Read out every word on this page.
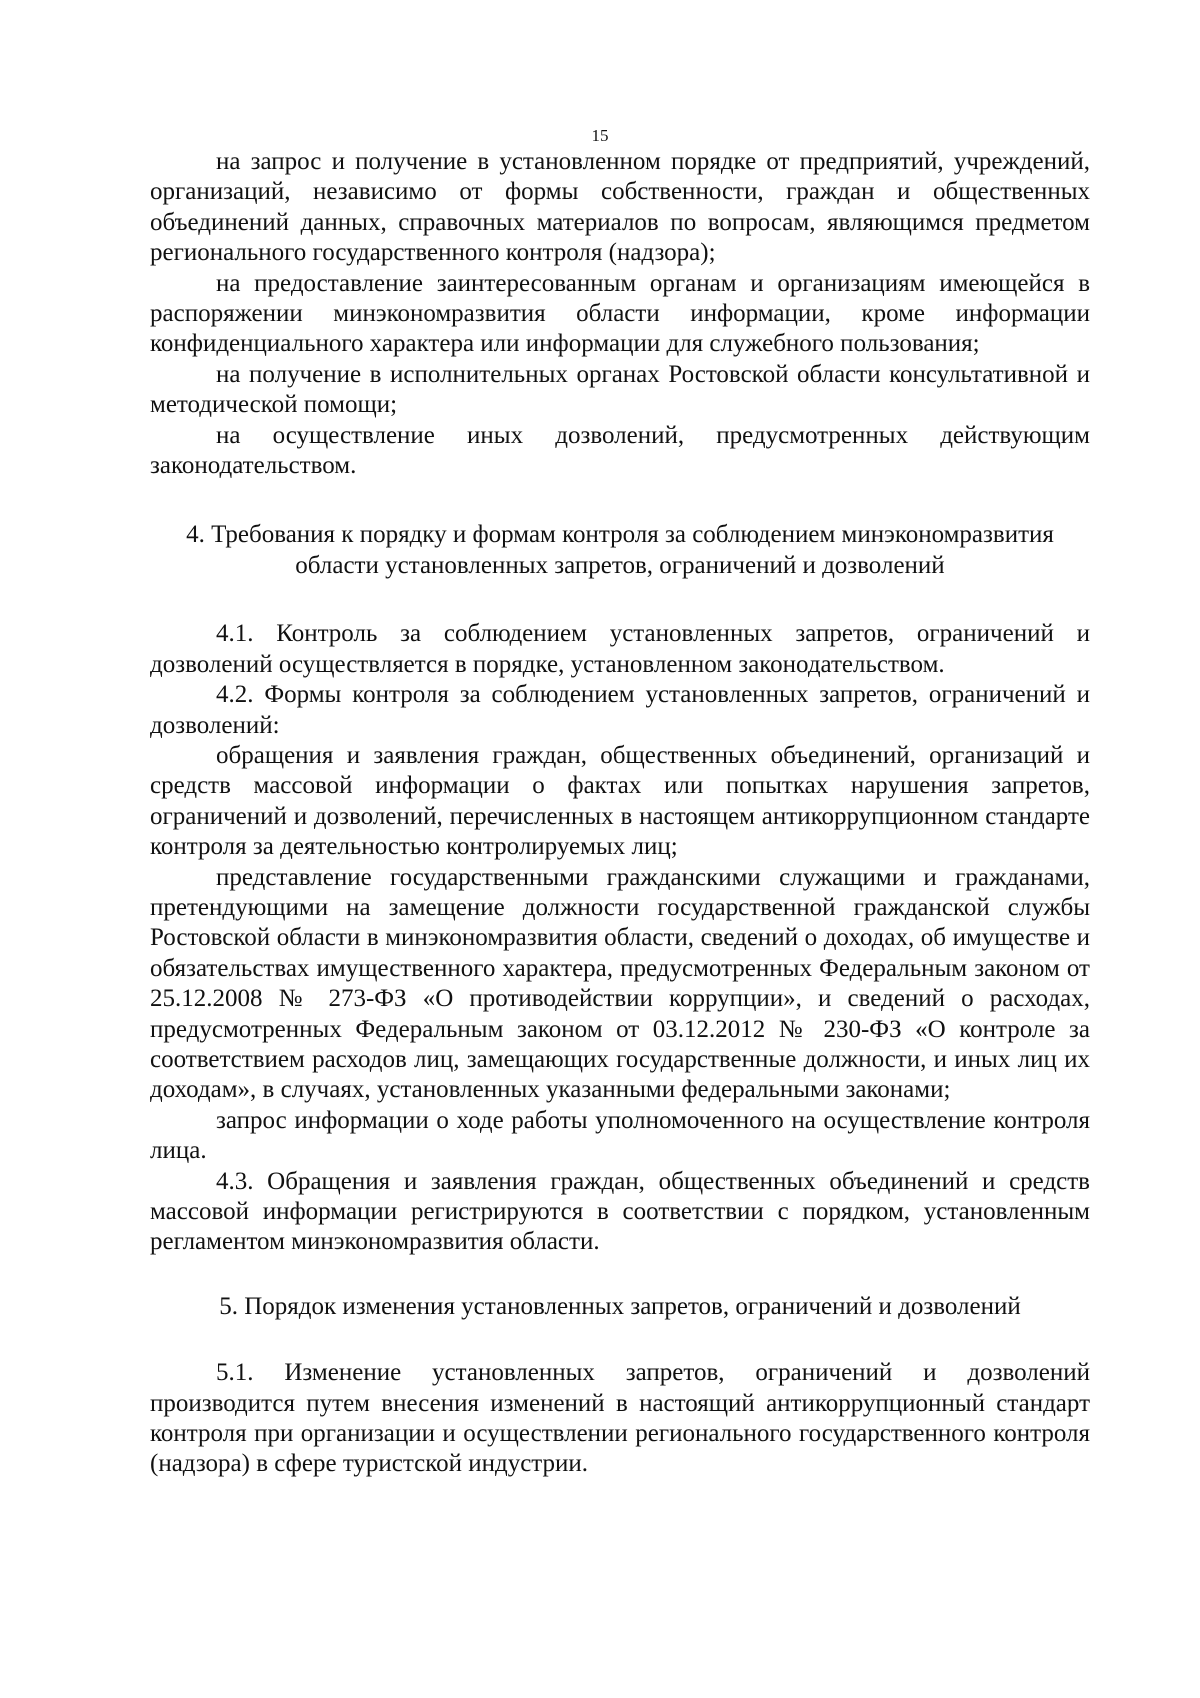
15

на запрос и получение в установленном порядке от предприятий, учреждений, организаций, независимо от формы собственности, граждан и общественных объединений данных, справочных материалов по вопросам, являющимся предметом регионального государственного контроля (надзора);

на предоставление заинтересованным органам и организациям имеющейся в распоряжении минэкономразвития области информации, кроме информации конфиденциального характера или информации для служебного пользования;

на получение в исполнительных органах Ростовской области консультативной и методической помощи;

на осуществление иных дозволений, предусмотренных действующим законодательством.

4. Требования к порядку и формам контроля за соблюдением минэкономразвития области установленных запретов, ограничений и дозволений

4.1. Контроль за соблюдением установленных запретов, ограничений и дозволений осуществляется в порядке, установленном законодательством.

4.2. Формы контроля за соблюдением установленных запретов, ограничений и дозволений:

обращения и заявления граждан, общественных объединений, организаций и средств массовой информации о фактах или попытках нарушения запретов, ограничений и дозволений, перечисленных в настоящем антикоррупционном стандарте контроля за деятельностью контролируемых лиц;

представление государственными гражданскими служащими и гражданами, претендующими на замещение должности государственной гражданской службы Ростовской области в минэкономразвития области, сведений о доходах, об имуществе и обязательствах имущественного характера, предусмотренных Федеральным законом от 25.12.2008 № 273-ФЗ «О противодействии коррупции», и сведений о расходах, предусмотренных Федеральным законом от 03.12.2012 № 230-ФЗ «О контроле за соответствием расходов лиц, замещающих государственные должности, и иных лиц их доходам», в случаях, установленных указанными федеральными законами;

запрос информации о ходе работы уполномоченного на осуществление контроля лица.

4.3. Обращения и заявления граждан, общественных объединений и средств массовой информации регистрируются в соответствии с порядком, установленным регламентом минэкономразвития области.

5. Порядок изменения установленных запретов, ограничений и дозволений

5.1. Изменение установленных запретов, ограничений и дозволений производится путем внесения изменений в настоящий антикоррупционный стандарт контроля при организации и осуществлении регионального государственного контроля (надзора) в сфере туристской индустрии.
